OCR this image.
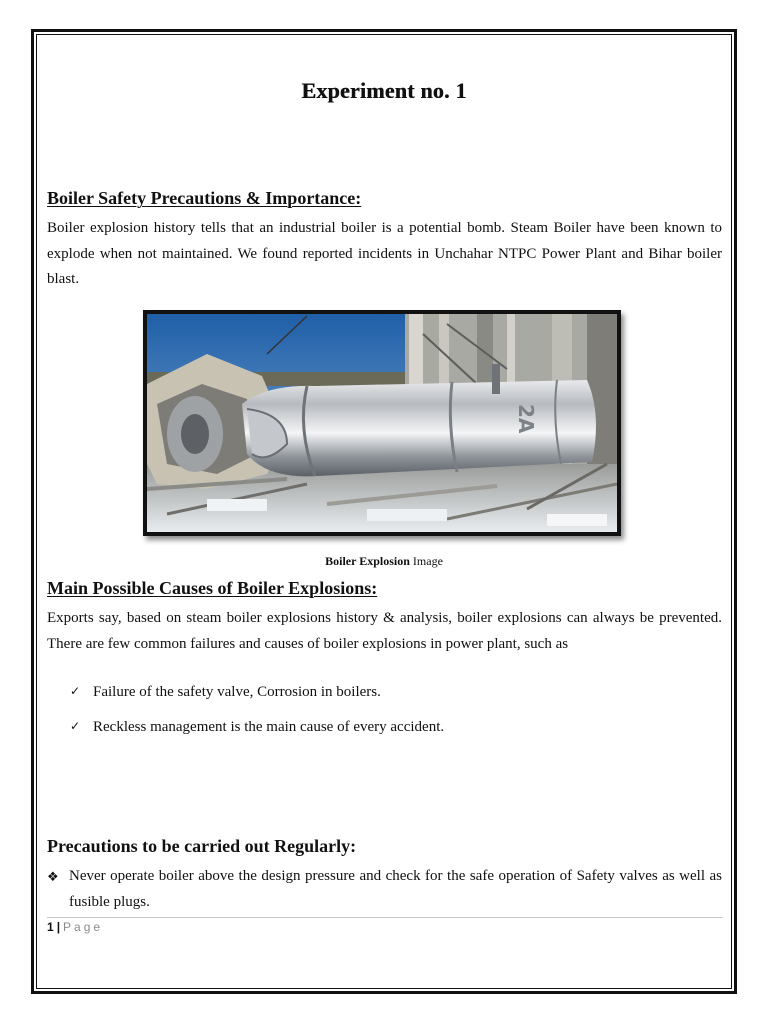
Experiment no. 1
Boiler Safety Precautions & Importance:
Boiler explosion history tells that an industrial boiler is a potential bomb. Steam Boiler have been known to explode when not maintained. We found reported incidents in Unchahar NTPC Power Plant and Bihar boiler blast.
2A
Boiler Explosion Image
Main Possible Causes of Boiler Explosions:
Exports say, based on steam boiler explosions history & analysis, boiler explosions can always be prevented. There are few common failures and causes of boiler explosions in power plant, such as
✓ Failure of the safety valve, Corrosion in boilers.
✓ Reckless management is the main cause of every accident.
Precautions to be carried out Regularly:
❖ Never operate boiler above the design pressure and check for the safe operation of Safety valves as well as fusible plugs.
1 | Page
